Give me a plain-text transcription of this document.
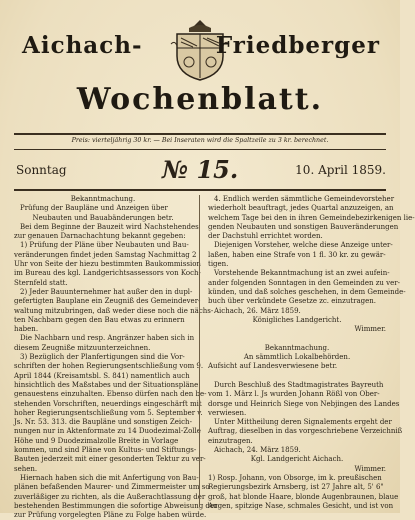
Aichach-	Friedberger
Wochenblatt.
Preis: vierteljährig 30 kr. — Bei Inseraten wird die Spaltzeile zu 3 kr. berechnet.
Sonntag	№ 15.	10. April 1859.
Bekanntmachung.
Prüfung der Baupläne und Anzeigen über
Neubauten und Bauabänderungen betr.
Bei dem Beginne der Bauzeit wird Nachstehendes
zur genauen Darnachachtung bekannt gegeben:
1) Prüfung der Pläne über Neubauten und Bau-
veränderungen findet jeden Samstag Nachmittag 2
Uhr von Seite der hiezu bestimmten Baukommission
im Bureau des kgl. Landgerichtsassessors von Koch-
Sternfeld statt.
2) Jeder Bauunternehmer hat außer den in dupl-
gefertigten Bauplane ein Zeugniß des Gemeindever-
waltung mitzubringen, daß weder diese noch die nächs-
ten Nachbarn gegen den Bau etwas zu erinnern
haben.
Die Nachbarn und resp. Angränzer haben sich in
diesem Zeugniße mitzuunterzeichnen.
3) Bezüglich der Planfertigungen sind die Vor-
schriften der hohen Regierungsentschließung vom 9.
April 1844 (Kreisamtsbl. S. 841) namentlich auch
hinsichtlich des Maßstabes und der Situationspläne
genauestens einzuhalten. Ebenso dürfen nach den be-
stehenden Vorschriften, neuerdings eingeschärft mit
hoher Regierungsentschließung vom 5. September v.
Js. Nr. 53. 313. die Baupläne und sonstigen Zeich-
nungen nur in Aktenformate zu 14 Duodezimal-Zolle
Höhe und 9 Duodezimalzolle Breite in Vorlage
kommen, und sind Pläne von Kultus- und Stiftungs-
Bauten jederzeit mit einer gesonderten Tektur zu ver-
sehen.
Hiernach haben sich die mit Anfertigung von Bau-
plänen befaßenden Maurer- und Zimmermeister um so
zuverläßiger zu richten, als die Außerachtlassung der
bestehenden Bestimmungen die sofortige Abweisung der
zur Prüfung vorgelegten Pläne zu Folge haben würde.
4. Endlich werden sämmtliche Gemeindevorsteher
wiederholt beauftragt, jedes Quartal anzuzeigen, an
welchem Tage bei den in ihren Gemeindebezirkenigen lie-
genden Neubauten und sonstigen Bauveränderungen
der Dachstuhl errichtet worden.
Diejenigen Vorsteher, welche diese Anzeige unter-
laßen, haben eine Strafe von 1 fl. 30 kr. zu gewär-
tigen.
Vorstehende Bekanntmachung ist an zwei aufein-
ander folgenden Sonntagen in den Gemeinden zu ver-
künden, und daß solches geschehen, in dem Gemeinde-
buch über verkündete Gesetze zc. einzutragen.
Aichach, 26. März 1859.
Königliches Landgericht.
Wimmer.

Bekanntmachung.
An sämmtlich Lokalbehörden.
Aufsicht auf Landesverwiesene betr.

Durch Beschluß des Stadtmagistrates Bayreuth
vom 1. März l. Js wurden Johann Rößl von Ober-
dorsge und Heinrich Siege von Nebjingen des Landes
verwiesen.
Unter Mittheilung deren Signalements ergeht der
Auftrag, dieselben in das vorgeschriebene Verzeichniß
einzutragen.
Aichach, 24. März 1859.
Kgl. Landgericht Aichach.
Wimmer.
1) Rosp. Johann, von Obsorge, im k. preußischen
Regierungsbezirk Arnsberg, ist 27 Jahre alt, 5' 6"
groß, hat blonde Haare, blonde Augenbraunen, blaue
Augen, spitzige Nase, schmales Gesicht, und ist von
